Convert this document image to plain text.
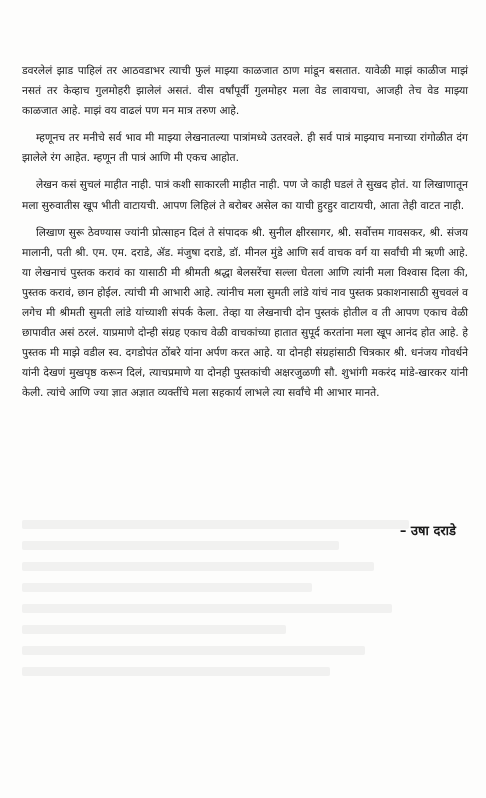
डवरलेलं झाड पाहिलं तर आठवडाभर त्याची फुलं माझ्या काळजात ठाण मांडून बसतात. यावेळी माझं काळीज माझं नसतं तर केव्हाच गुलमोहरी झालेलं असतं. वीस वर्षांपूर्वी गुलमोहर मला वेड लावायचा, आजही तेच वेड माझ्या काळजात आहे. माझं वय वाढलं पण मन मात्र तरुण आहे.

म्हणूनच तर मनीचे सर्व भाव मी माझ्या लेखनातल्या पात्रांमध्ये उतरवले. ही सर्व पात्रं माझ्याच मनाच्या रांगोळीत दंग झालेले रंग आहेत. म्हणून ती पात्रं आणि मी एकच आहोत.

लेखन कसं सुचलं माहीत नाही. पात्रं कशी साकारली माहीत नाही. पण जे काही घडलं ते सुखद होतं. या लिखाणातून मला सुरुवातीस खूप भीती वाटायची. आपण लिहिलं ते बरोबर असेल का याची हुरहुर वाटायची, आता तेही वाटत नाही.

लिखाण सुरू ठेवण्यास ज्यांनी प्रोत्साहन दिलं ते संपादक श्री. सुनील क्षीरसागर, श्री. सर्वोत्तम गावसकर, श्री. संजय मालानी, पती श्री. एम. एम. दराडे, ॲड. मंजुषा दराडे, डॉ. मीनल मुंडे आणि सर्व वाचक वर्ग या सर्वांची मी ऋणी आहे. या लेखनाचं पुस्तक करावं का यासाठी मी श्रीमती श्रद्धा बेलसरेंचा सल्ला घेतला आणि त्यांनी मला विश्वास दिला की, पुस्तक करावं, छान होईल. त्यांची मी आभारी आहे. त्यांनीच मला सुमती लांडे यांचं नाव पुस्तक प्रकाशनासाठी सुचवलं व लगेच मी श्रीमती सुमती लांडे यांच्याशी संपर्क केला. तेव्हा या लेखनाची दोन पुस्तकं होतील व ती आपण एकाच वेळी छापावीत असं ठरलं. याप्रमाणे दोन्ही संग्रह एकाच वेळी वाचकांच्या हातात सुपूर्द करतांना मला खूप आनंद होत आहे. हे पुस्तक मी माझे वडील स्व. दगडोपंत ठोंबरे यांना अर्पण करत आहे. या दोनही संग्रहांसाठी चित्रकार श्री. धनंजय गोवर्धने यांनी देखणं मुखपृष्ठ करून दिलं, त्याचप्रमाणे या दोनही पुस्तकांची अक्षरजुळणी सौ. शुभांगी मकरंद मांडे-खारकर यांनी केली. त्यांचे आणि ज्या ज्ञात अज्ञात व्यक्तींचे मला सहकार्य लाभले त्या सर्वांचे मी आभार मानते.

– उषा दराडे
